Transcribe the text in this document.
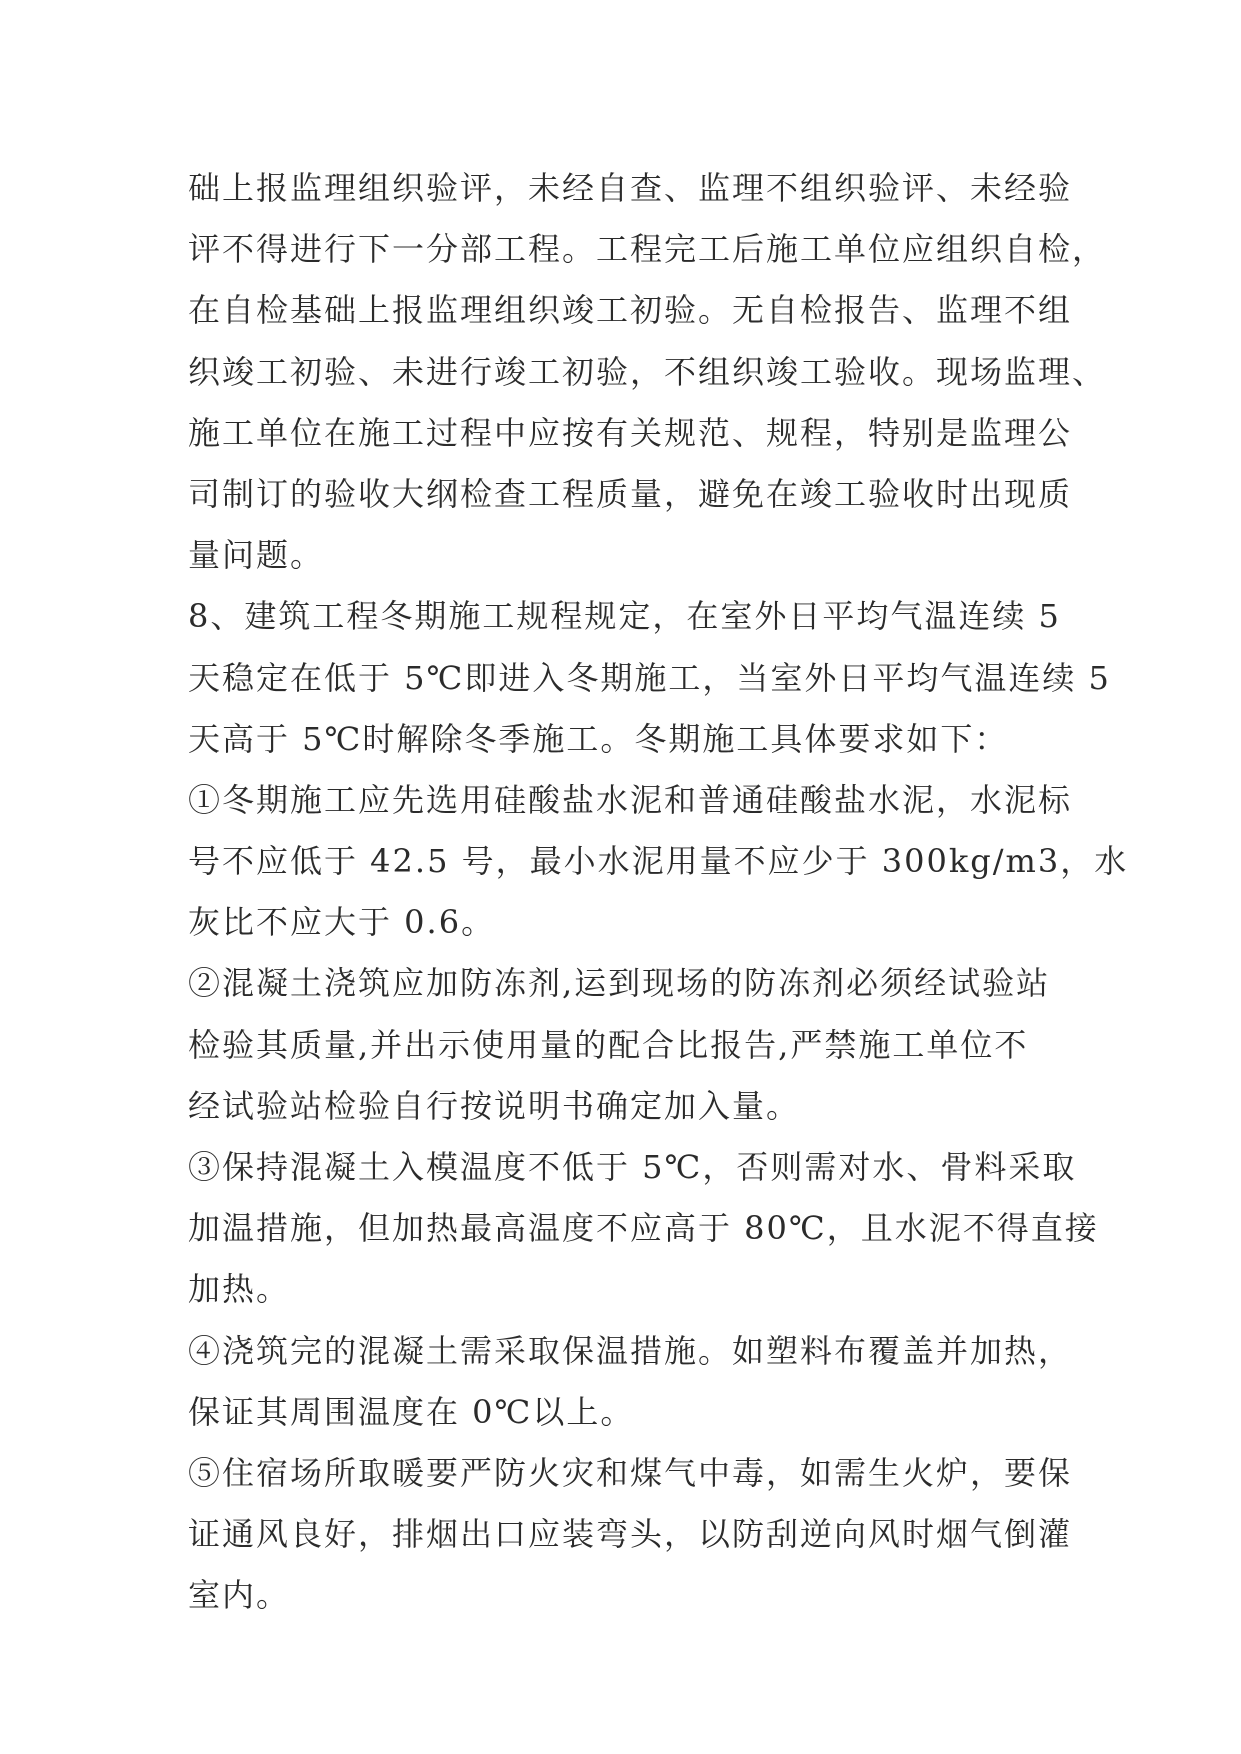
础上报监理组织验评，未经自查、监理不组织验评、未经验
评不得进行下一分部工程。工程完工后施工单位应组织自检，
在自检基础上报监理组织竣工初验。无自检报告、监理不组
织竣工初验、未进行竣工初验，不组织竣工验收。现场监理、
施工单位在施工过程中应按有关规范、规程，特别是监理公
司制订的验收大纲检查工程质量，避免在竣工验收时出现质
量问题。
8、建筑工程冬期施工规程规定，在室外日平均气温连续 5
天稳定在低于 5℃即进入冬期施工，当室外日平均气温连续 5
天高于 5℃时解除冬季施工。冬期施工具体要求如下：
①冬期施工应先选用硅酸盐水泥和普通硅酸盐水泥，水泥标
号不应低于 42.5 号，最小水泥用量不应少于 300kg/m3，水
灰比不应大于 0.6。
②混凝土浇筑应加防冻剂,运到现场的防冻剂必须经试验站
检验其质量,并出示使用量的配合比报告,严禁施工单位不
经试验站检验自行按说明书确定加入量。
③保持混凝土入模温度不低于 5℃，否则需对水、骨料采取
加温措施，但加热最高温度不应高于 80℃，且水泥不得直接
加热。
④浇筑完的混凝土需采取保温措施。如塑料布覆盖并加热，
保证其周围温度在 0℃以上。
⑤住宿场所取暖要严防火灾和煤气中毒，如需生火炉，要保
证通风良好，排烟出口应装弯头，以防刮逆向风时烟气倒灌
室内。
